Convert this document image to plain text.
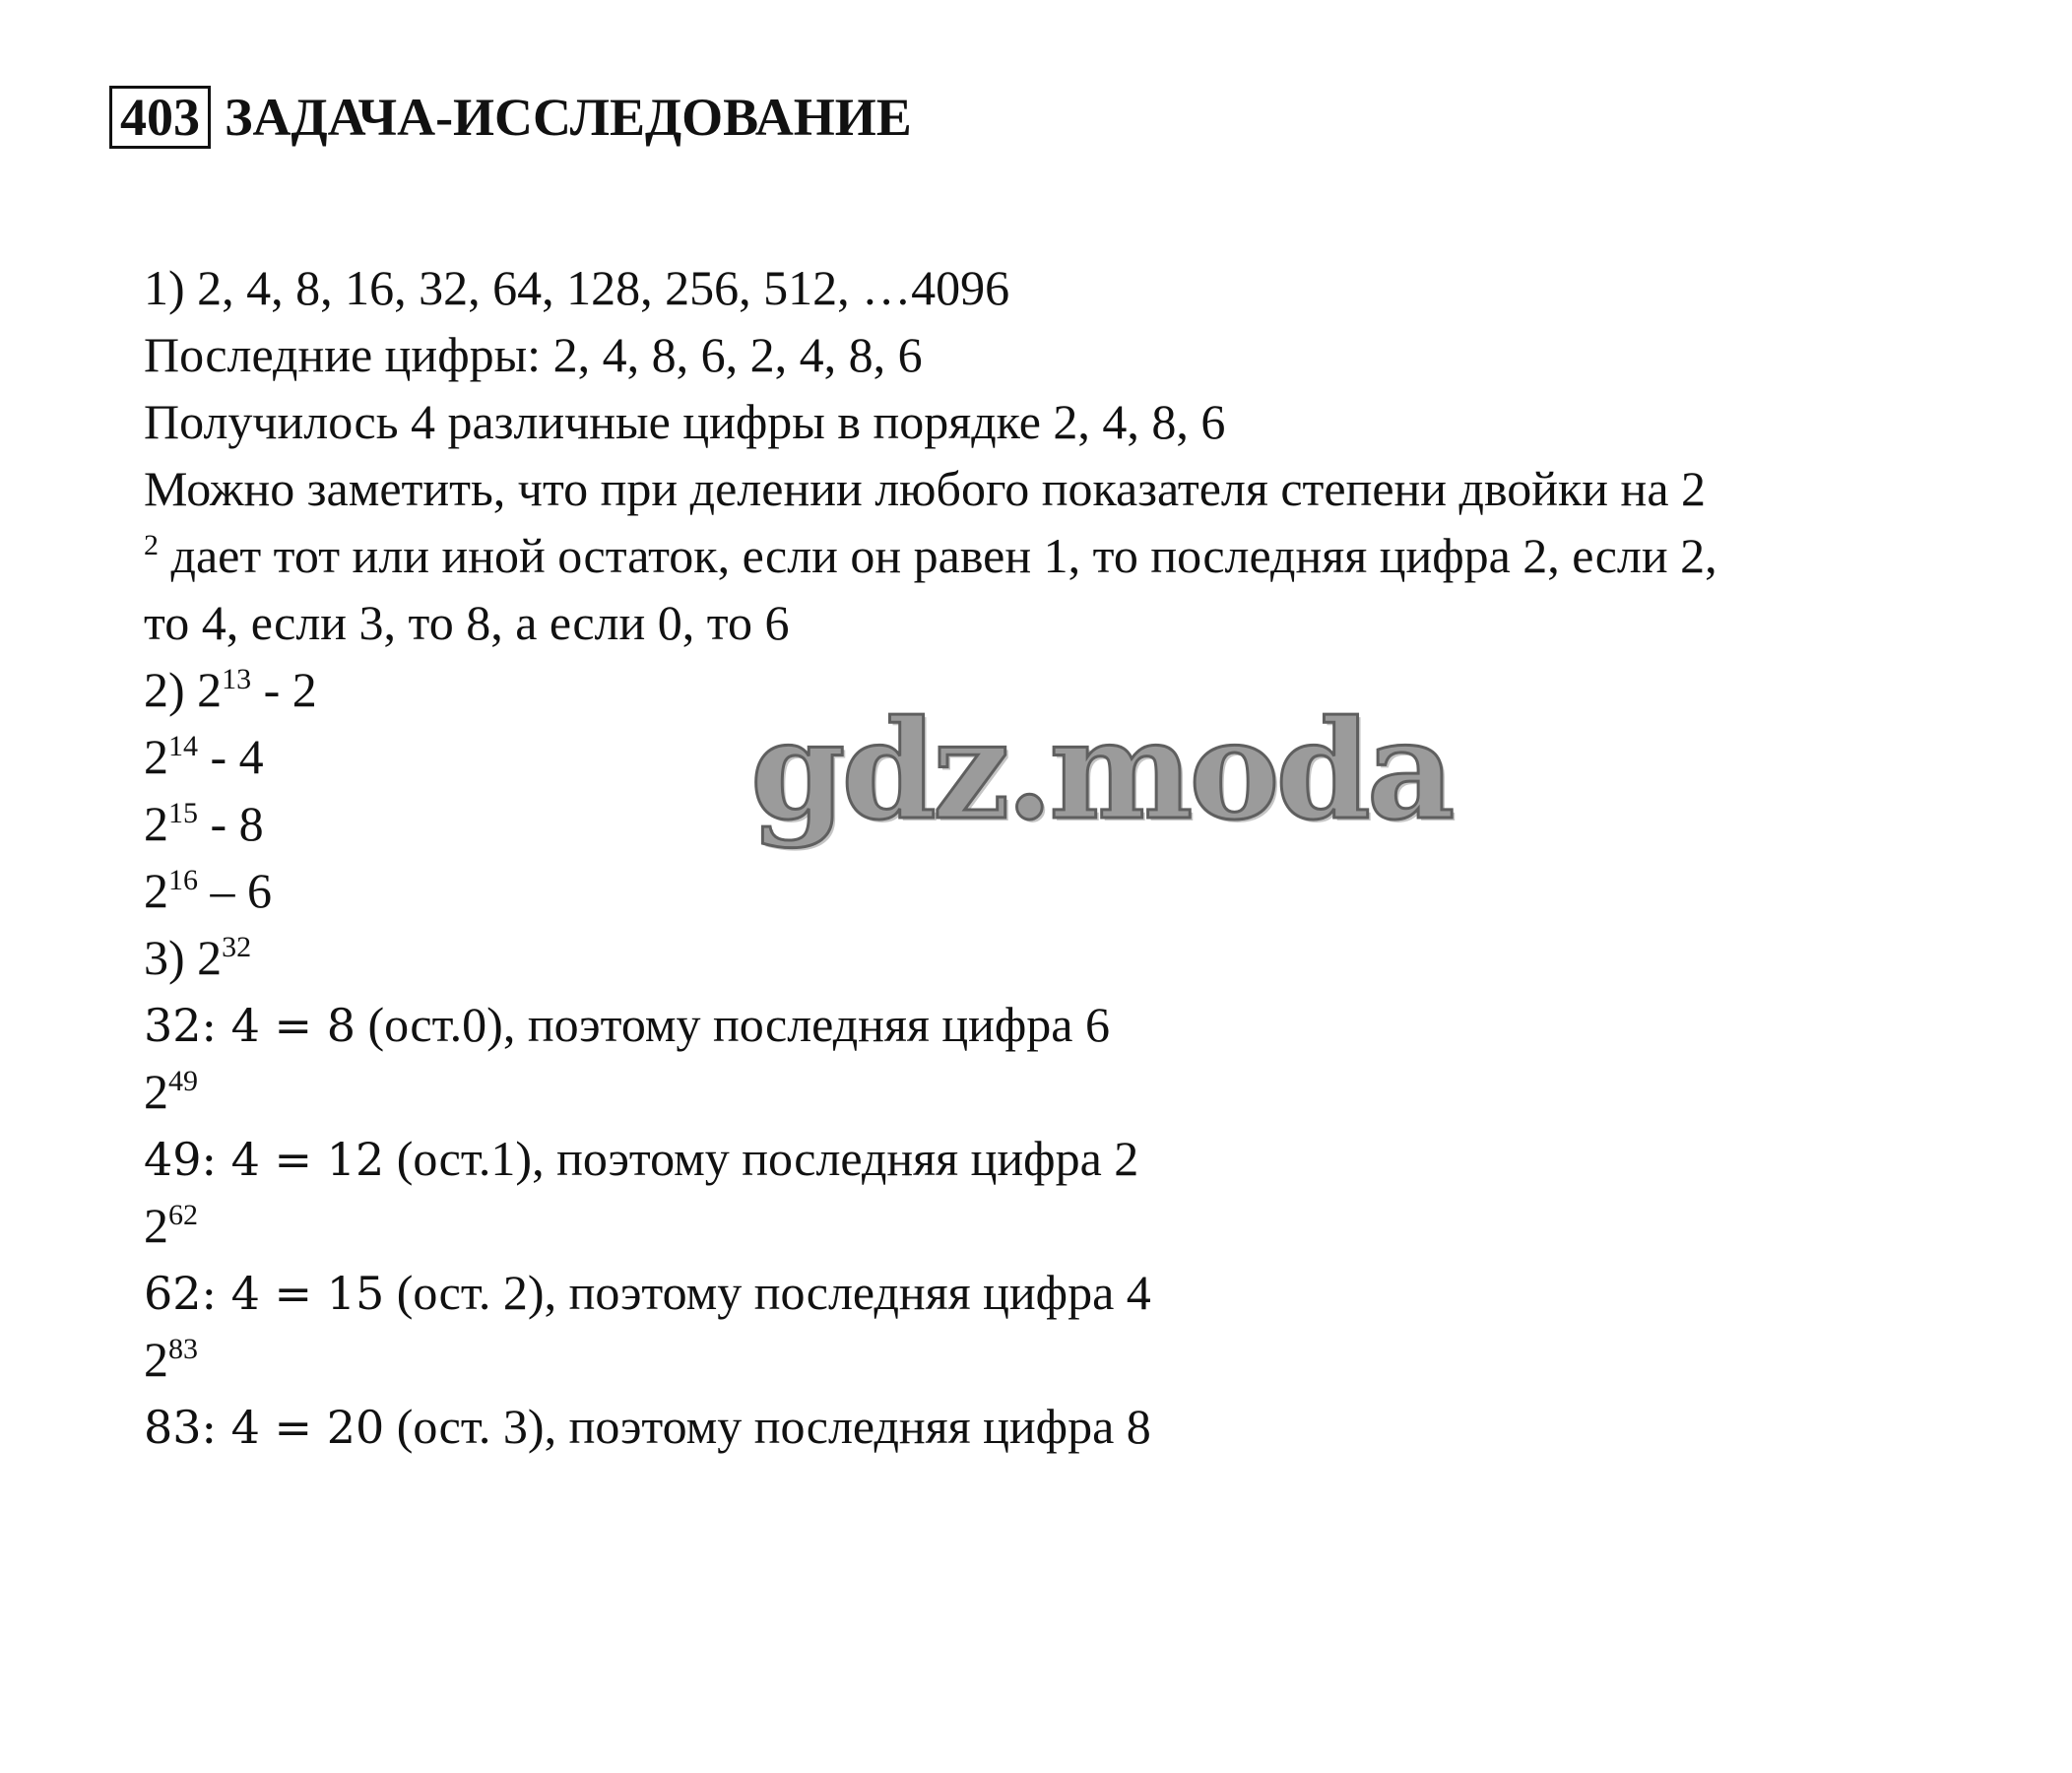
403 ЗАДАЧА-ИССЛЕДОВАНИЕ
1) 2, 4, 8, 16, 32, 64, 128, 256, 512, …4096
Последние цифры: 2, 4, 8, 6, 2, 4, 8, 6
Получилось 4 различные цифры в порядке 2, 4, 8, 6
Можно заметить, что при делении любого показателя степени двойки на 2
$^2$ дает тот или иной остаток, если он равен 1, то последняя цифра 2, если 2,
то 4, если 3, то 8, а если 0, то 6
2) $2^{13} - 2$
$2^{14} - 4$
$2^{15} - 8$
$2^{16} - 6$
3) $2^{32}$
32: 4 = 8 (ост.0), поэтому последняя цифра 6
$2^{49}$
49: 4 = 12 (ост.1), поэтому последняя цифра 2
$2^{62}$
62: 4 = 15 (ост. 2), поэтому последняя цифра 4
$2^{83}$
83: 4 = 20 (ост. 3), поэтому последняя цифра 8
gdz.moda
